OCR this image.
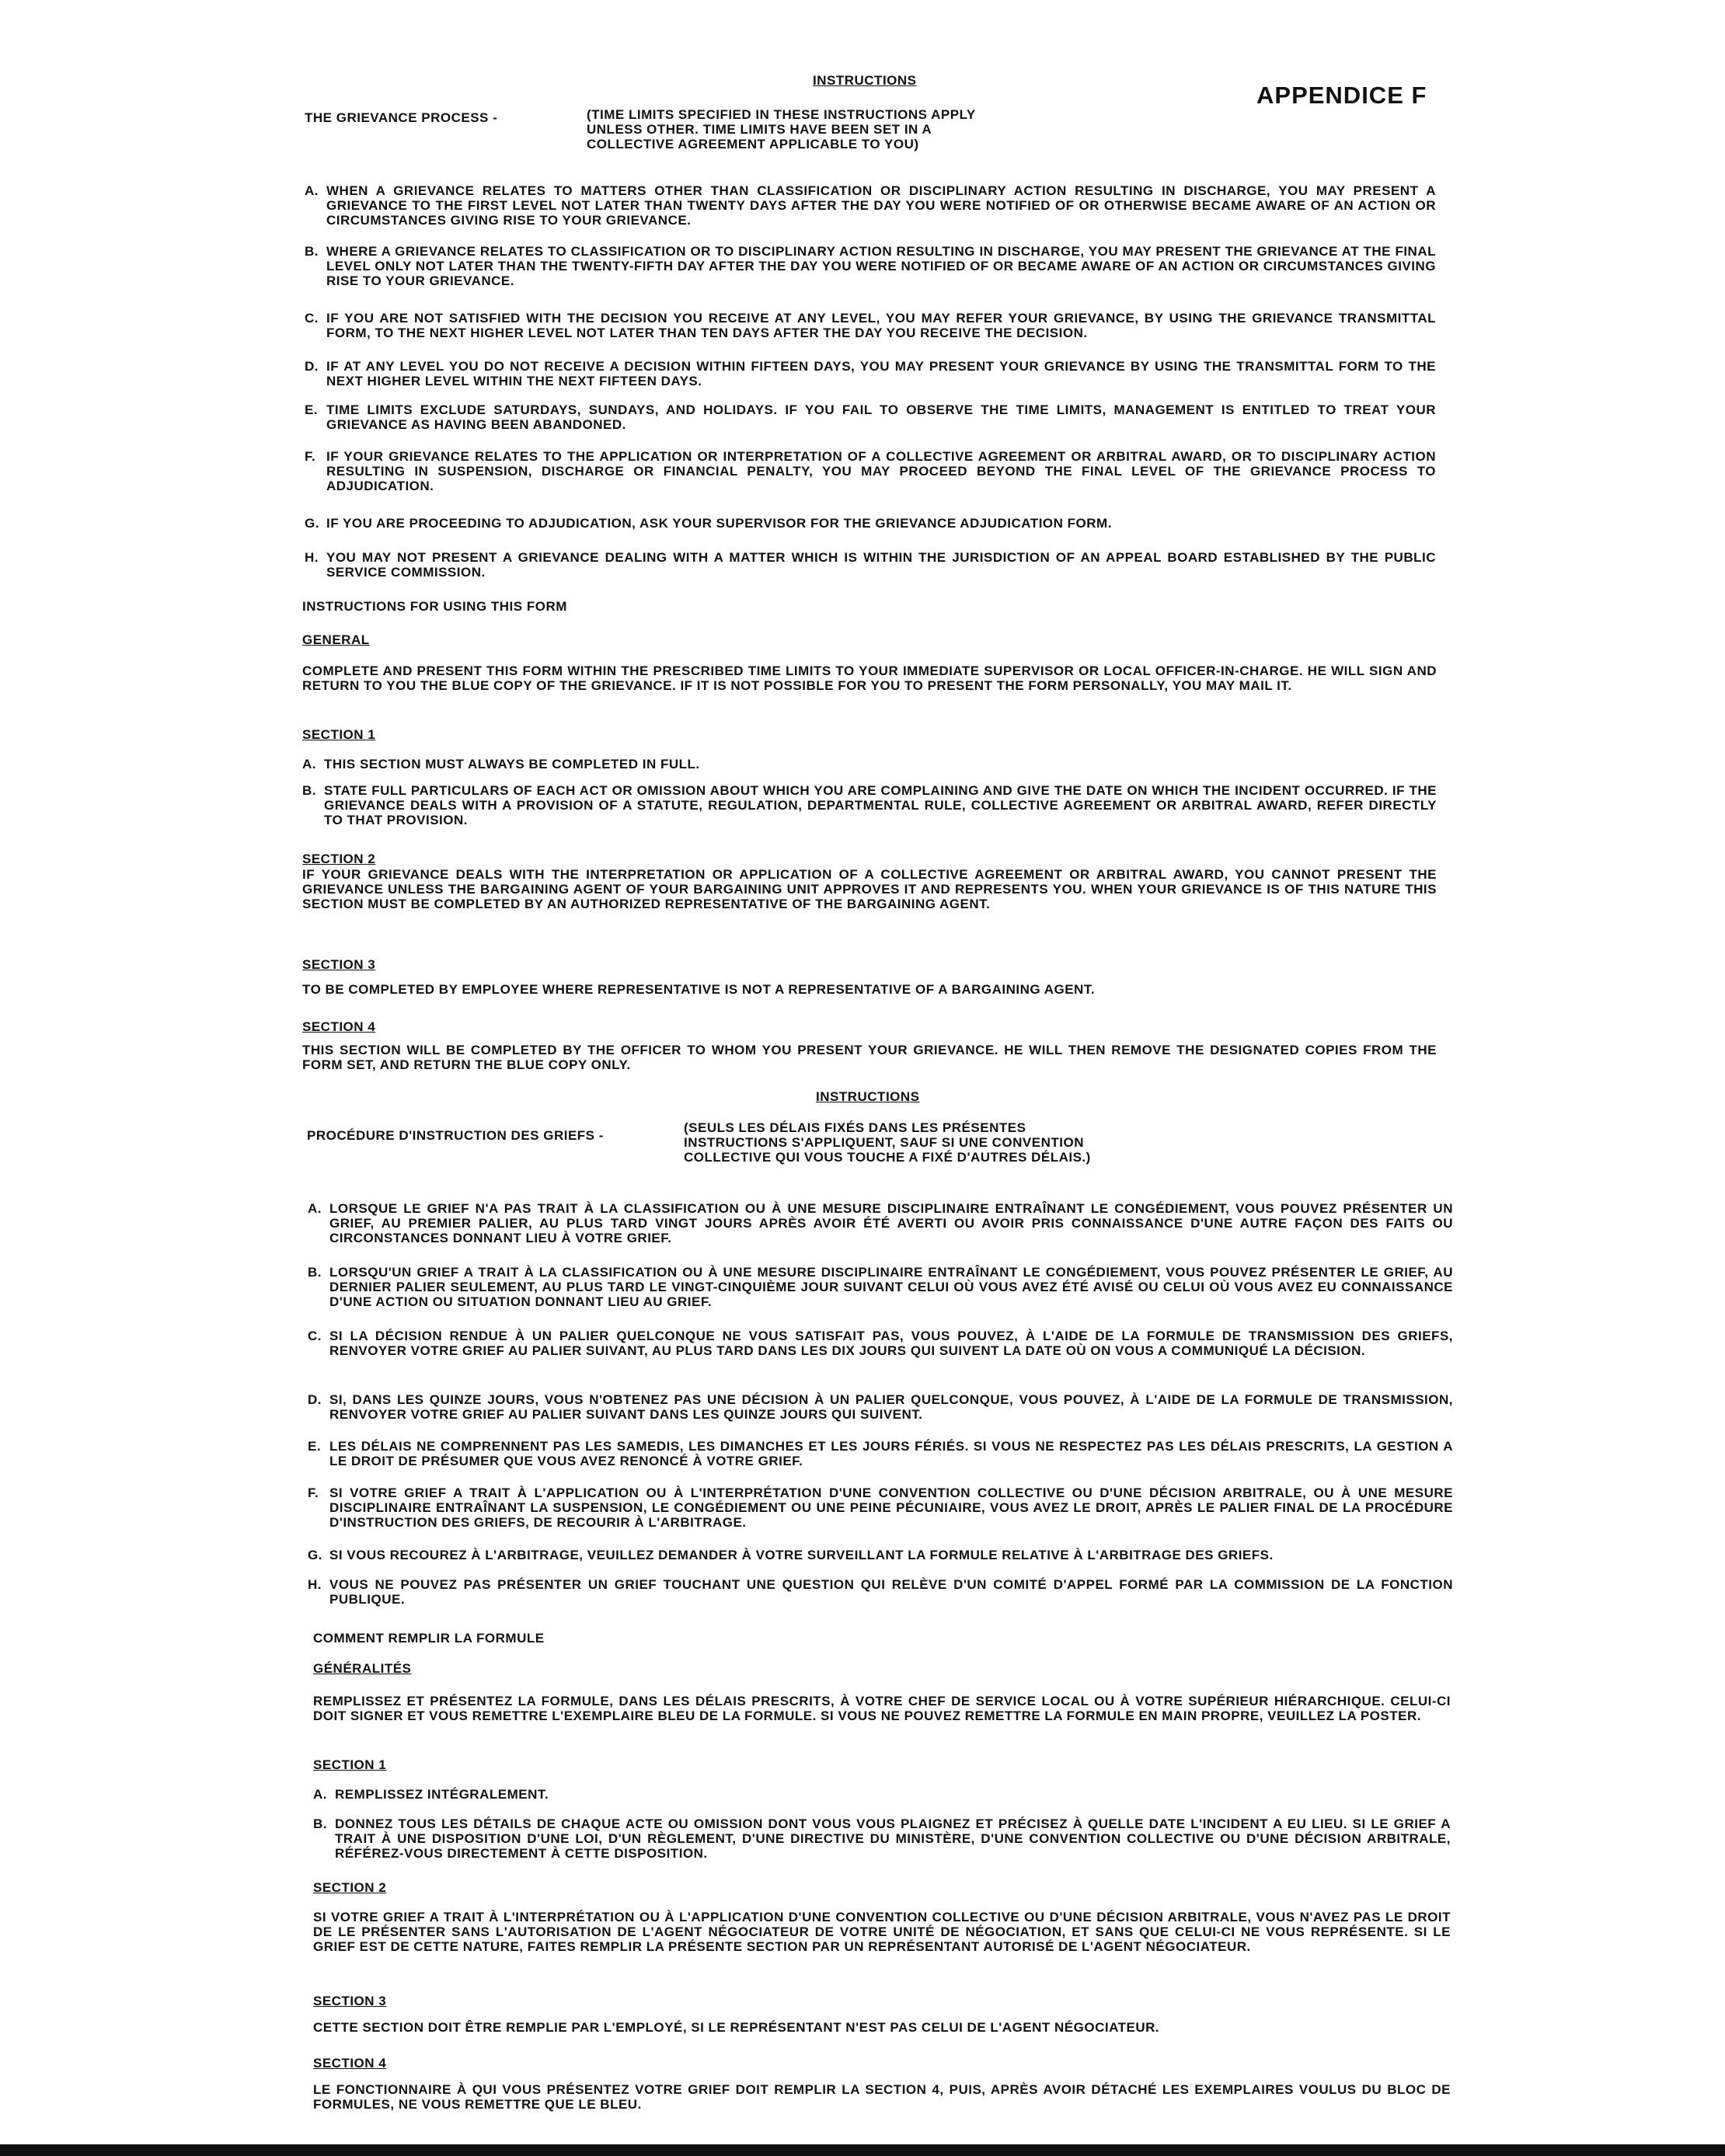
APPENDICE F
INSTRUCTIONS
THE GRIEVANCE PROCESS -	(TIME LIMITS SPECIFIED IN THESE INSTRUCTIONS APPLY UNLESS OTHER. TIME LIMITS HAVE BEEN SET IN A COLLECTIVE AGREEMENT APPLICABLE TO YOU)
A. WHEN A GRIEVANCE RELATES TO MATTERS OTHER THAN CLASSIFICATION OR DISCIPLINARY ACTION RESULTING IN DISCHARGE, YOU MAY PRESENT A GRIEVANCE TO THE FIRST LEVEL NOT LATER THAN TWENTY DAYS AFTER THE DAY YOU WERE NOTIFIED OF OR OTHERWISE BECAME AWARE OF AN ACTION OR CIRCUMSTANCES GIVING RISE TO YOUR GRIEVANCE.
B. WHERE A GRIEVANCE RELATES TO CLASSIFICATION OR TO DISCIPLINARY ACTION RESULTING IN DISCHARGE, YOU MAY PRESENT THE GRIEVANCE AT THE FINAL LEVEL ONLY NOT LATER THAN THE TWENTY-FIFTH DAY AFTER THE DAY YOU WERE NOTIFIED OF OR BECAME AWARE OF AN ACTION OR CIRCUMSTANCES GIVING RISE TO YOUR GRIEVANCE.
C. IF YOU ARE NOT SATISFIED WITH THE DECISION YOU RECEIVE AT ANY LEVEL, YOU MAY REFER YOUR GRIEVANCE, BY USING THE GRIEVANCE TRANSMITTAL FORM, TO THE NEXT HIGHER LEVEL NOT LATER THAN TEN DAYS AFTER THE DAY YOU RECEIVE THE DECISION.
D. IF AT ANY LEVEL YOU DO NOT RECEIVE A DECISION WITHIN FIFTEEN DAYS, YOU MAY PRESENT YOUR GRIEVANCE BY USING THE TRANSMITTAL FORM TO THE NEXT HIGHER LEVEL WITHIN THE NEXT FIFTEEN DAYS.
E. TIME LIMITS EXCLUDE SATURDAYS, SUNDAYS, AND HOLIDAYS. IF YOU FAIL TO OBSERVE THE TIME LIMITS, MANAGEMENT IS ENTITLED TO TREAT YOUR GRIEVANCE AS HAVING BEEN ABANDONED.
F. IF YOUR GRIEVANCE RELATES TO THE APPLICATION OR INTERPRETATION OF A COLLECTIVE AGREEMENT OR ARBITRAL AWARD, OR TO DISCIPLINARY ACTION RESULTING IN SUSPENSION, DISCHARGE OR FINANCIAL PENALTY, YOU MAY PROCEED BEYOND THE FINAL LEVEL OF THE GRIEVANCE PROCESS TO ADJUDICATION.
G. IF YOU ARE PROCEEDING TO ADJUDICATION, ASK YOUR SUPERVISOR FOR THE GRIEVANCE ADJUDICATION FORM.
H. YOU MAY NOT PRESENT A GRIEVANCE DEALING WITH A MATTER WHICH IS WITHIN THE JURISDICTION OF AN APPEAL BOARD ESTABLISHED BY THE PUBLIC SERVICE COMMISSION.
INSTRUCTIONS FOR USING THIS FORM
GENERAL
COMPLETE AND PRESENT THIS FORM WITHIN THE PRESCRIBED TIME LIMITS TO YOUR IMMEDIATE SUPERVISOR OR LOCAL OFFICER-IN-CHARGE. HE WILL SIGN AND RETURN TO YOU THE BLUE COPY OF THE GRIEVANCE. IF IT IS NOT POSSIBLE FOR YOU TO PRESENT THE FORM PERSONALLY, YOU MAY MAIL IT.
SECTION 1
A. THIS SECTION MUST ALWAYS BE COMPLETED IN FULL.
B. STATE FULL PARTICULARS OF EACH ACT OR OMISSION ABOUT WHICH YOU ARE COMPLAINING AND GIVE THE DATE ON WHICH THE INCIDENT OCCURRED. IF THE GRIEVANCE DEALS WITH A PROVISION OF A STATUTE, REGULATION, DEPARTMENTAL RULE, COLLECTIVE AGREEMENT OR ARBITRAL AWARD, REFER DIRECTLY TO THAT PROVISION.
SECTION 2
IF YOUR GRIEVANCE DEALS WITH THE INTERPRETATION OR APPLICATION OF A COLLECTIVE AGREEMENT OR ARBITRAL AWARD, YOU CANNOT PRESENT THE GRIEVANCE UNLESS THE BARGAINING AGENT OF YOUR BARGAINING UNIT APPROVES IT AND REPRESENTS YOU. WHEN YOUR GRIEVANCE IS OF THIS NATURE THIS SECTION MUST BE COMPLETED BY AN AUTHORIZED REPRESENTATIVE OF THE BARGAINING AGENT.
SECTION 3
TO BE COMPLETED BY EMPLOYEE WHERE REPRESENTATIVE IS NOT A REPRESENTATIVE OF A BARGAINING AGENT.
SECTION 4
THIS SECTION WILL BE COMPLETED BY THE OFFICER TO WHOM YOU PRESENT YOUR GRIEVANCE. HE WILL THEN REMOVE THE DESIGNATED COPIES FROM THE FORM SET, AND RETURN THE BLUE COPY ONLY.
INSTRUCTIONS
PROCÉDURE D'INSTRUCTION DES GRIEFS -
(SEULS LES DÉLAIS FIXÉS DANS LES PRÉSENTES INSTRUCTIONS S'APPLIQUENT, SAUF SI UNE CONVENTION COLLECTIVE QUI VOUS TOUCHE A FIXÉ D'AUTRES DÉLAIS.)
A. LORSQUE LE GRIEF N'A PAS TRAIT À LA CLASSIFICATION OU À UNE MESURE DISCIPLINAIRE ENTRAÎNANT LE CONGÉDIEMENT, VOUS POUVEZ PRÉSENTER UN GRIEF, AU PREMIER PALIER, AU PLUS TARD VINGT JOURS APRÈS AVOIR ÉTÉ AVERTI OU AVOIR PRIS CONNAISSANCE D'UNE AUTRE FAÇON DES FAITS OU CIRCONSTANCES DONNANT LIEU À VOTRE GRIEF.
B. LORSQU'UN GRIEF A TRAIT À LA CLASSIFICATION OU À UNE MESURE DISCIPLINAIRE ENTRAÎNANT LE CONGÉDIEMENT, VOUS POUVEZ PRÉSENTER LE GRIEF, AU DERNIER PALIER SEULEMENT, AU PLUS TARD LE VINGT-CINQUIÈME JOUR SUIVANT CELUI OÙ VOUS AVEZ ÉTÉ AVISÉ OU CELUI OÙ VOUS AVEZ EU CONNAISSANCE D'UNE ACTION OU SITUATION DONNANT LIEU AU GRIEF.
C. SI LA DÉCISION RENDUE À UN PALIER QUELCONQUE NE VOUS SATISFAIT PAS, VOUS POUVEZ, À L'AIDE DE LA FORMULE DE TRANSMISSION DES GRIEFS, RENVOYER VOTRE GRIEF AU PALIER SUIVANT, AU PLUS TARD DANS LES DIX JOURS QUI SUIVENT LA DATE OÙ ON VOUS A COMMUNIQUÉ LA DÉCISION.
D. SI, DANS LES QUINZE JOURS, VOUS N'OBTENEZ PAS UNE DÉCISION À UN PALIER QUELCONQUE, VOUS POUVEZ, À L'AIDE DE LA FORMULE DE TRANSMISSION, RENVOYER VOTRE GRIEF AU PALIER SUIVANT DANS LES QUINZE JOURS QUI SUIVENT.
E. LES DÉLAIS NE COMPRENNENT PAS LES SAMEDIS, LES DIMANCHES ET LES JOURS FÉRIÉS. SI VOUS NE RESPECTEZ PAS LES DÉLAIS PRESCRITS, LA GESTION A LE DROIT DE PRÉSUMER QUE VOUS AVEZ RENONCÉ À VOTRE GRIEF.
F. SI VOTRE GRIEF A TRAIT À L'APPLICATION OU À L'INTERPRÉTATION D'UNE CONVENTION COLLECTIVE OU D'UNE DÉCISION ARBITRALE, OU À UNE MESURE DISCIPLINAIRE ENTRAÎNANT LA SUSPENSION, LE CONGÉDIEMENT OU UNE PEINE PÉCUNIAIRE, VOUS AVEZ LE DROIT, APRÈS LE PALIER FINAL DE LA PROCÉDURE D'INSTRUCTION DES GRIEFS, DE RECOURIR À L'ARBITRAGE.
G. SI VOUS RECOUREZ À L'ARBITRAGE, VEUILLEZ DEMANDER À VOTRE SURVEILLANT LA FORMULE RELATIVE À L'ARBITRAGE DES GRIEFS.
H. VOUS NE POUVEZ PAS PRÉSENTER UN GRIEF TOUCHANT UNE QUESTION QUI RELÈVE D'UN COMITÉ D'APPEL FORMÉ PAR LA COMMISSION DE LA FONCTION PUBLIQUE.
COMMENT REMPLIR LA FORMULE
GÉNÉRALITÉS
REMPLISSEZ ET PRÉSENTEZ LA FORMULE, DANS LES DÉLAIS PRESCRITS, À VOTRE CHEF DE SERVICE LOCAL OU À VOTRE SUPÉRIEUR HIÉRARCHIQUE. CELUI-CI DOIT SIGNER ET VOUS REMETTRE L'EXEMPLAIRE BLEU DE LA FORMULE. SI VOUS NE POUVEZ REMETTRE LA FORMULE EN MAIN PROPRE, VEUILLEZ LA POSTER.
SECTION 1
A. REMPLISSEZ INTÉGRALEMENT.
B. DONNEZ TOUS LES DÉTAILS DE CHAQUE ACTE OU OMISSION DONT VOUS VOUS PLAIGNEZ ET PRÉCISEZ À QUELLE DATE L'INCIDENT A EU LIEU. SI LE GRIEF A TRAIT À UNE DISPOSITION D'UNE LOI, D'UN RÈGLEMENT, D'UNE DIRECTIVE DU MINISTÈRE, D'UNE CONVENTION COLLECTIVE OU D'UNE DÉCISION ARBITRALE, RÉFÉREZ-VOUS DIRECTEMENT À CETTE DISPOSITION.
SECTION 2
SI VOTRE GRIEF A TRAIT À L'INTERPRÉTATION OU À L'APPLICATION D'UNE CONVENTION COLLECTIVE OU D'UNE DÉCISION ARBITRALE, VOUS N'AVEZ PAS LE DROIT DE LE PRÉSENTER SANS L'AUTORISATION DE L'AGENT NÉGOCIATEUR DE VOTRE UNITÉ DE NÉGOCIATION, ET SANS QUE CELUI-CI NE VOUS REPRÉSENTE. SI LE GRIEF EST DE CETTE NATURE, FAITES REMPLIR LA PRÉSENTE SECTION PAR UN REPRÉSENTANT AUTORISÉ DE L'AGENT NÉGOCIATEUR.
SECTION 3
CETTE SECTION DOIT ÊTRE REMPLIE PAR L'EMPLOYÉ, SI LE REPRÉSENTANT N'EST PAS CELUI DE L'AGENT NÉGOCIATEUR.
SECTION 4
LE FONCTIONNAIRE À QUI VOUS PRÉSENTEZ VOTRE GRIEF DOIT REMPLIR LA SECTION 4, PUIS, APRÈS AVOIR DÉTACHÉ LES EXEMPLAIRES VOULUS DU BLOC DE FORMULES, NE VOUS REMETTRE QUE LE BLEU.
